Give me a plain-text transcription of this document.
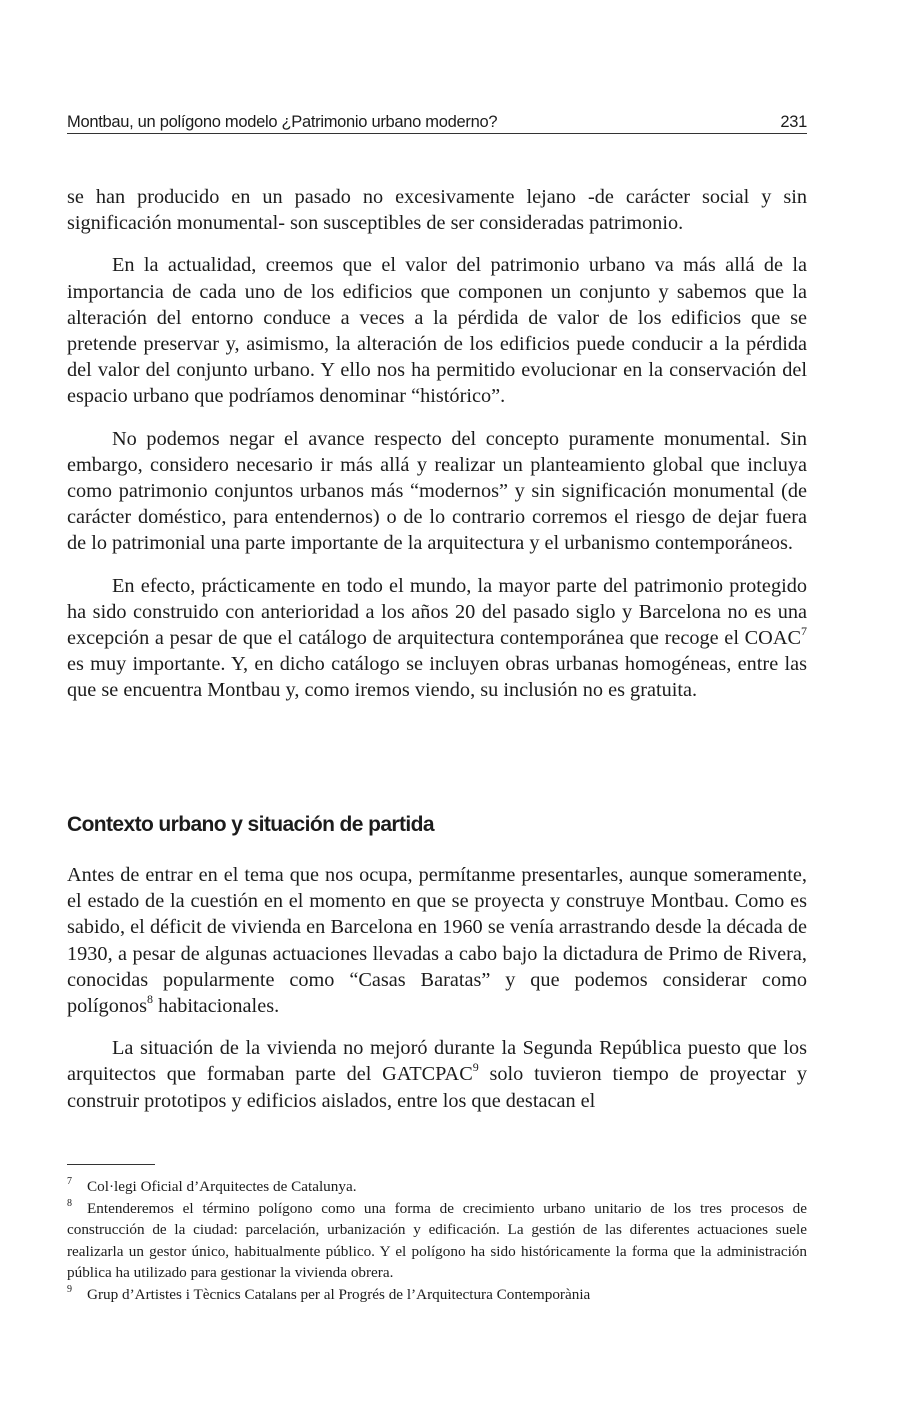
Montbau, un polígono modelo ¿Patrimonio urbano moderno?	231

se han producido en un pasado no excesivamente lejano -de carácter social y sin significación monumental- son susceptibles de ser consideradas patrimonio.

En la actualidad, creemos que el valor del patrimonio urbano va más allá de la importancia de cada uno de los edificios que componen un conjunto y sabemos que la alteración del entorno conduce a veces a la pérdida de valor de los edificios que se pretende preservar y, asimismo, la alteración de los edificios puede conducir a la pérdida del valor del conjunto urbano. Y ello nos ha permitido evolucionar en la conservación del espacio urbano que podríamos denominar “histórico”.

No podemos negar el avance respecto del concepto puramente monumental. Sin embargo, considero necesario ir más allá y realizar un planteamiento global que incluya como patrimonio conjuntos urbanos más “modernos” y sin significación monumental (de carácter doméstico, para entendernos) o de lo contrario corremos el riesgo de dejar fuera de lo patrimonial una parte importante de la arquitectura y el urbanismo contemporáneos.

En efecto, prácticamente en todo el mundo, la mayor parte del patrimonio protegido ha sido construido con anterioridad a los años 20 del pasado siglo y Barcelona no es una excepción a pesar de que el catálogo de arquitectura contemporánea que recoge el COAC$^7$ es muy importante. Y, en dicho catálogo se incluyen obras urbanas homogéneas, entre las que se encuentra Montbau y, como iremos viendo, su inclusión no es gratuita.

Contexto urbano y situación de partida

Antes de entrar en el tema que nos ocupa, permítanme presentarles, aunque someramente, el estado de la cuestión en el momento en que se proyecta y construye Montbau. Como es sabido, el déficit de vivienda en Barcelona en 1960 se venía arrastrando desde la década de 1930, a pesar de algunas actuaciones llevadas a cabo bajo la dictadura de Primo de Rivera, conocidas popularmente como “Casas Baratas” y que podemos considerar como polígonos$^8$ habitacionales.

La situación de la vivienda no mejoró durante la Segunda República puesto que los arquitectos que formaban parte del GATCPAC$^9$ solo tuvieron tiempo de proyectar y construir prototipos y edificios aislados, entre los que destacan el

7 Col·legi Oficial d’Arquitectes de Catalunya.

8 Entenderemos el término polígono como una forma de crecimiento urbano unitario de los tres procesos de construcción de la ciudad: parcelación, urbanización y edificación. La gestión de las diferentes actuaciones suele realizarla un gestor único, habitualmente público. Y el polígono ha sido históricamente la forma que la administración pública ha utilizado para gestionar la vivienda obrera.

9 Grup d’Artistes i Tècnics Catalans per al Progrés de l’Arquitectura Contemporània
